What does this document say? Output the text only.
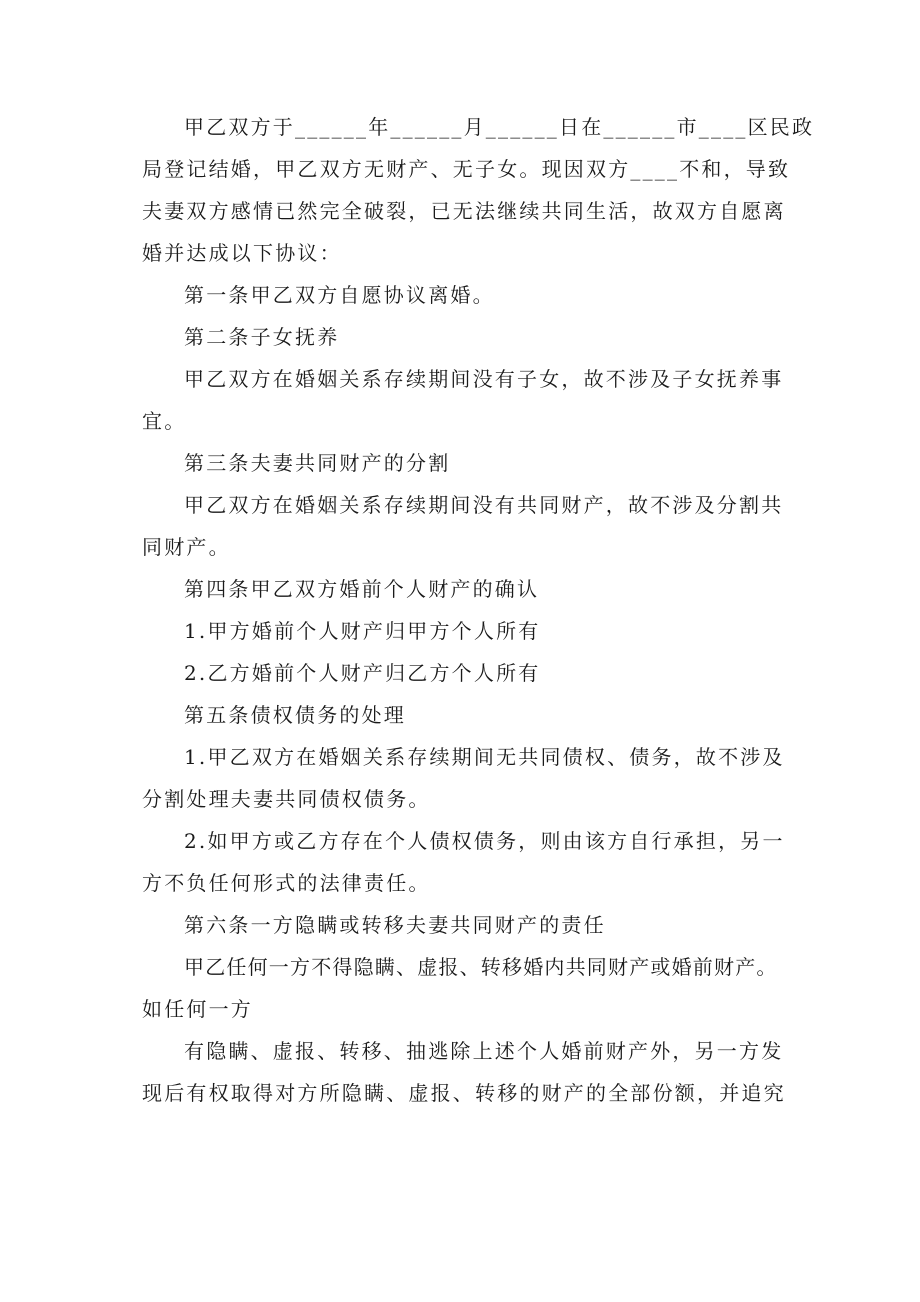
甲乙双方于______年______月______日在______市____区民政
局登记结婚，甲乙双方无财产、无子女。现因双方____不和，导致
夫妻双方感情已然完全破裂，已无法继续共同生活，故双方自愿离
婚并达成以下协议：
第一条甲乙双方自愿协议离婚。
第二条子女抚养
甲乙双方在婚姻关系存续期间没有子女，故不涉及子女抚养事
宜。
第三条夫妻共同财产的分割
甲乙双方在婚姻关系存续期间没有共同财产，故不涉及分割共
同财产。
第四条甲乙双方婚前个人财产的确认
1.甲方婚前个人财产归甲方个人所有
2.乙方婚前个人财产归乙方个人所有
第五条债权债务的处理
1.甲乙双方在婚姻关系存续期间无共同债权、债务，故不涉及
分割处理夫妻共同债权债务。
2.如甲方或乙方存在个人债权债务，则由该方自行承担，另一
方不负任何形式的法律责任。
第六条一方隐瞒或转移夫妻共同财产的责任
甲乙任何一方不得隐瞒、虚报、转移婚内共同财产或婚前财产。
如任何一方
有隐瞒、虚报、转移、抽逃除上述个人婚前财产外，另一方发
现后有权取得对方所隐瞒、虚报、转移的财产的全部份额，并追究
